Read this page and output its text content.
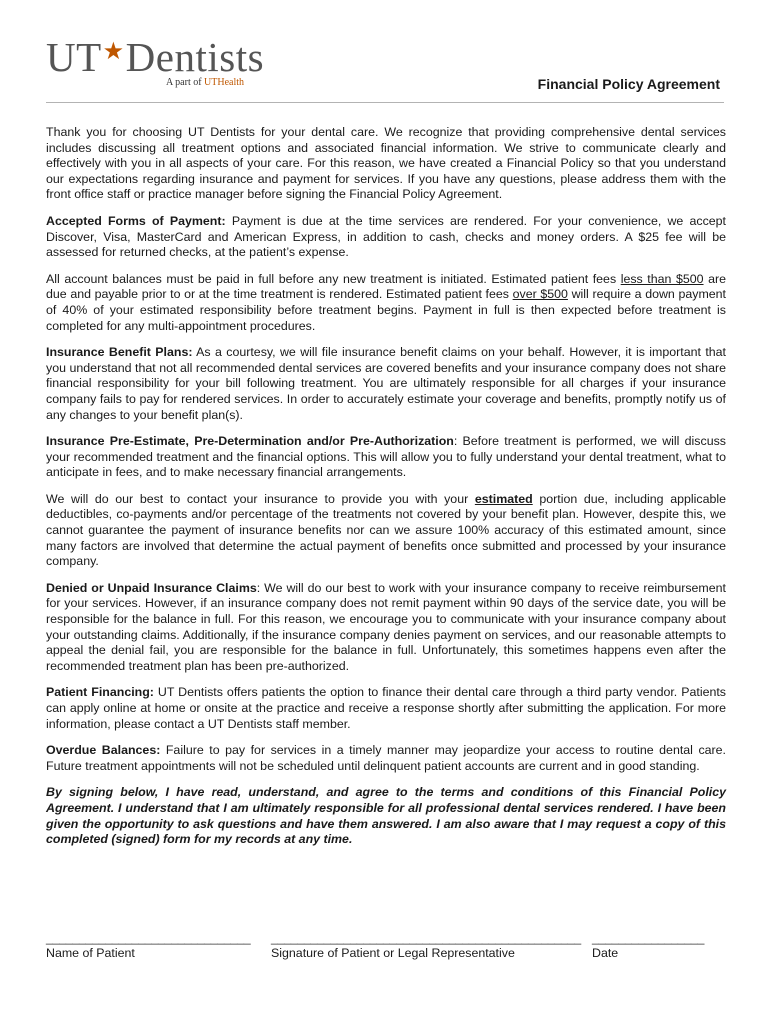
UT★Dentists
A part of UTHealth	Financial Policy Agreement

Thank you for choosing UT Dentists for your dental care. We recognize that providing comprehensive dental services includes discussing all treatment options and associated financial information. We strive to communicate clearly and effectively with you in all aspects of your care. For this reason, we have created a Financial Policy so that you understand our expectations regarding insurance and payment for services. If you have any questions, please address them with the front office staff or practice manager before signing the Financial Policy Agreement.

Accepted Forms of Payment: Payment is due at the time services are rendered. For your convenience, we accept Discover, Visa, MasterCard and American Express, in addition to cash, checks and money orders. A $25 fee will be assessed for returned checks, at the patient’s expense.

All account balances must be paid in full before any new treatment is initiated. Estimated patient fees less than $500 are due and payable prior to or at the time treatment is rendered. Estimated patient fees over $500 will require a down payment of 40% of your estimated responsibility before treatment begins. Payment in full is then expected before treatment is completed for any multi-appointment procedures.

Insurance Benefit Plans: As a courtesy, we will file insurance benefit claims on your behalf. However, it is important that you understand that not all recommended dental services are covered benefits and your insurance company does not share financial responsibility for your bill following treatment. You are ultimately responsible for all charges if your insurance company fails to pay for rendered services. In order to accurately estimate your coverage and benefits, promptly notify us of any changes to your benefit plan(s).

Insurance Pre-Estimate, Pre-Determination and/or Pre-Authorization: Before treatment is performed, we will discuss your recommended treatment and the financial options. This will allow you to fully understand your dental treatment, what to anticipate in fees, and to make necessary financial arrangements.

We will do our best to contact your insurance to provide you with your estimated portion due, including applicable deductibles, co-payments and/or percentage of the treatments not covered by your benefit plan. However, despite this, we cannot guarantee the payment of insurance benefits nor can we assure 100% accuracy of this estimated amount, since many factors are involved that determine the actual payment of benefits once submitted and processed by your insurance company.

Denied or Unpaid Insurance Claims: We will do our best to work with your insurance company to receive reimbursement for your services. However, if an insurance company does not remit payment within 90 days of the service date, you will be responsible for the balance in full. For this reason, we encourage you to communicate with your insurance company about your outstanding claims. Additionally, if the insurance company denies payment on services, and our reasonable attempts to appeal the denial fail, you are responsible for the balance in full. Unfortunately, this sometimes happens even after the recommended treatment plan has been pre-authorized.

Patient Financing: UT Dentists offers patients the option to finance their dental care through a third party vendor. Patients can apply online at home or onsite at the practice and receive a response shortly after submitting the application. For more information, please contact a UT Dentists staff member.

Overdue Balances: Failure to pay for services in a timely manner may jeopardize your access to routine dental care. Future treatment appointments will not be scheduled until delinquent patient accounts are current and in good standing.

By signing below, I have read, understand, and agree to the terms and conditions of this Financial Policy Agreement. I understand that I am ultimately responsible for all professional dental services rendered. I have been given the opportunity to ask questions and have them answered. I am also aware that I may request a copy of this completed (signed) form for my records at any time.

_______________________________
Name of Patient
_______________________________________________
Signature of Patient or Legal Representative
_________________
Date
